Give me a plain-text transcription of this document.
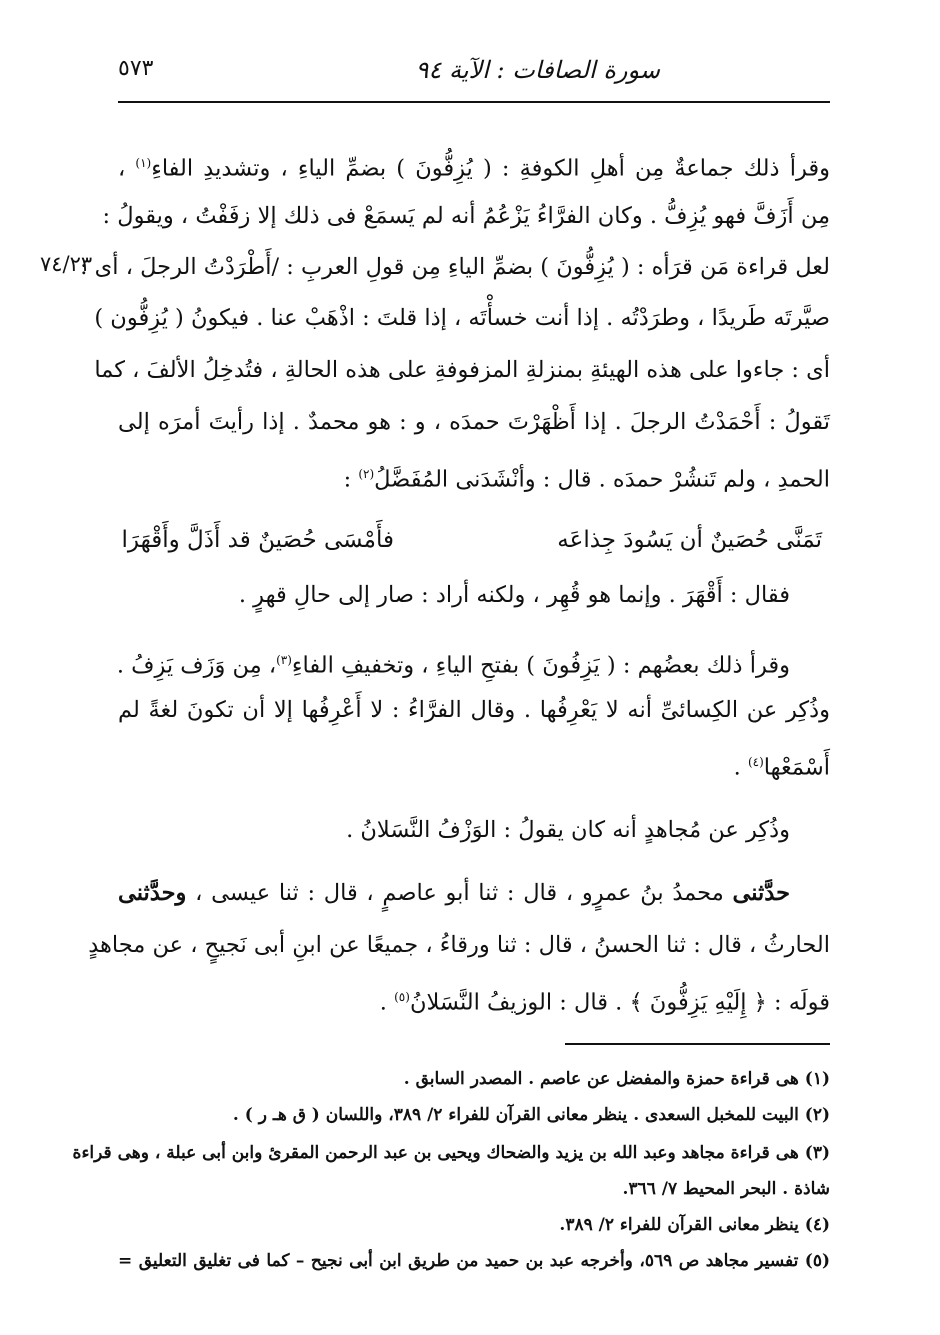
سورة الصافات : الآية ٩٤
٥٧٣
٧٤/٢٣
وقرأ ذلك جماعةٌ مِن أهلِ الكوفةِ : ( يُزِفُّونَ ) بضمِّ الياءِ ، وتشديدِ الفاءِ$^{(١)}$ ،
مِن أَزَفَّ فهو يُزِفُّ . وكان الفرَّاءُ يَزْعُمُ أنه لم يَسمَعْ فى ذلك إلا زفَفْتُ ، ويقولُ :
لعل قراءة مَن قرَأه : ( يُزِفُّونَ ) بضمِّ الياءِ مِن قولِ العربِ : /أَطْرَدْتُ الرجلَ ، أى :
صيَّرتَه طَريدًا ، وطرَدْتُه . إذا أنت خسأْتَه ، إذا قلتَ : اذْهَبْ عنا . فيكونُ ( يُزِفُّون )
أى : جاءوا على هذه الهيئةِ بمنزلةِ المزفوفةِ على هذه الحالةِ ، فتُدخِلُ الألفَ ، كما
تَقولُ : أَحْمَدْتُ الرجلَ . إذا أَظْهَرْتَ حمدَه ، و : هو محمدٌ . إذا رأيتَ أمرَه إلى
الحمدِ ، ولم تَنشُرْ حمدَه . قال : وأنْشَدَنى المُفَضَّلُ$^{(٢)}$ :
تَمَنَّى حُصَينٌ أن يَسُودَ جِذاعَه
فأَمْسَى حُصَينٌ قد أَذَلَّ وأَقْهَرَا
فقال : أَقْهَرَ . وإنما هو قُهِر ، ولكنه أراد : صار إلى حالِ قهرٍ .
وقرأ ذلك بعضُهم : ( يَزِفُونَ ) بفتحِ الياءِ ، وتخفيفِ الفاءِ$^{(٣)}$، مِن وَزَف يَزِفُ .
وذُكِر عن الكِسائىِّ أنه لا يَعْرِفُها . وقال الفرَّاءُ : لا أَعْرِفُها إلا أن تكونَ لغةً لم
أَسْمَعْها$^{(٤)}$ .
وذُكِر عن مُجاهدٍ أنه كان يقولُ : الوَزْفُ النَّسَلانُ .
حدَّثنى محمدُ بنُ عمرٍو ، قال : ثنا أبو عاصمٍ ، قال : ثنا عيسى ، وحدَّثنى
الحارثُ ، قال : ثنا الحسنُ ، قال : ثنا ورقاءُ ، جميعًا عن ابنِ أبى نَجيحٍ ، عن مجاهدٍ
قولَه : ﴿ إِلَيْهِ يَزِفُّونَ ﴾ . قال : الوزيفُ النَّسَلانُ$^{(٥)}$ .
(١) هى قراءة حمزة والمفضل عن عاصم . المصدر السابق .
(٢) البيت للمخبل السعدى . ينظر معانى القرآن للفراء ٢/ ٣٨٩، واللسان ( ق هـ ر ) .
(٣) هى قراءة مجاهد وعبد الله بن يزيد والضحاك ويحيى بن عبد الرحمن المقرئ وابن أبى عبلة ، وهى قراءة
شاذة . البحر المحيط ٧/ ٣٦٦.
(٤) ينظر معانى القرآن للفراء ٢/ ٣٨٩.
(٥) تفسير مجاهد ص ٥٦٩، وأخرجه عبد بن حميد من طريق ابن أبى نجيح – كما فى تغليق التعليق =
